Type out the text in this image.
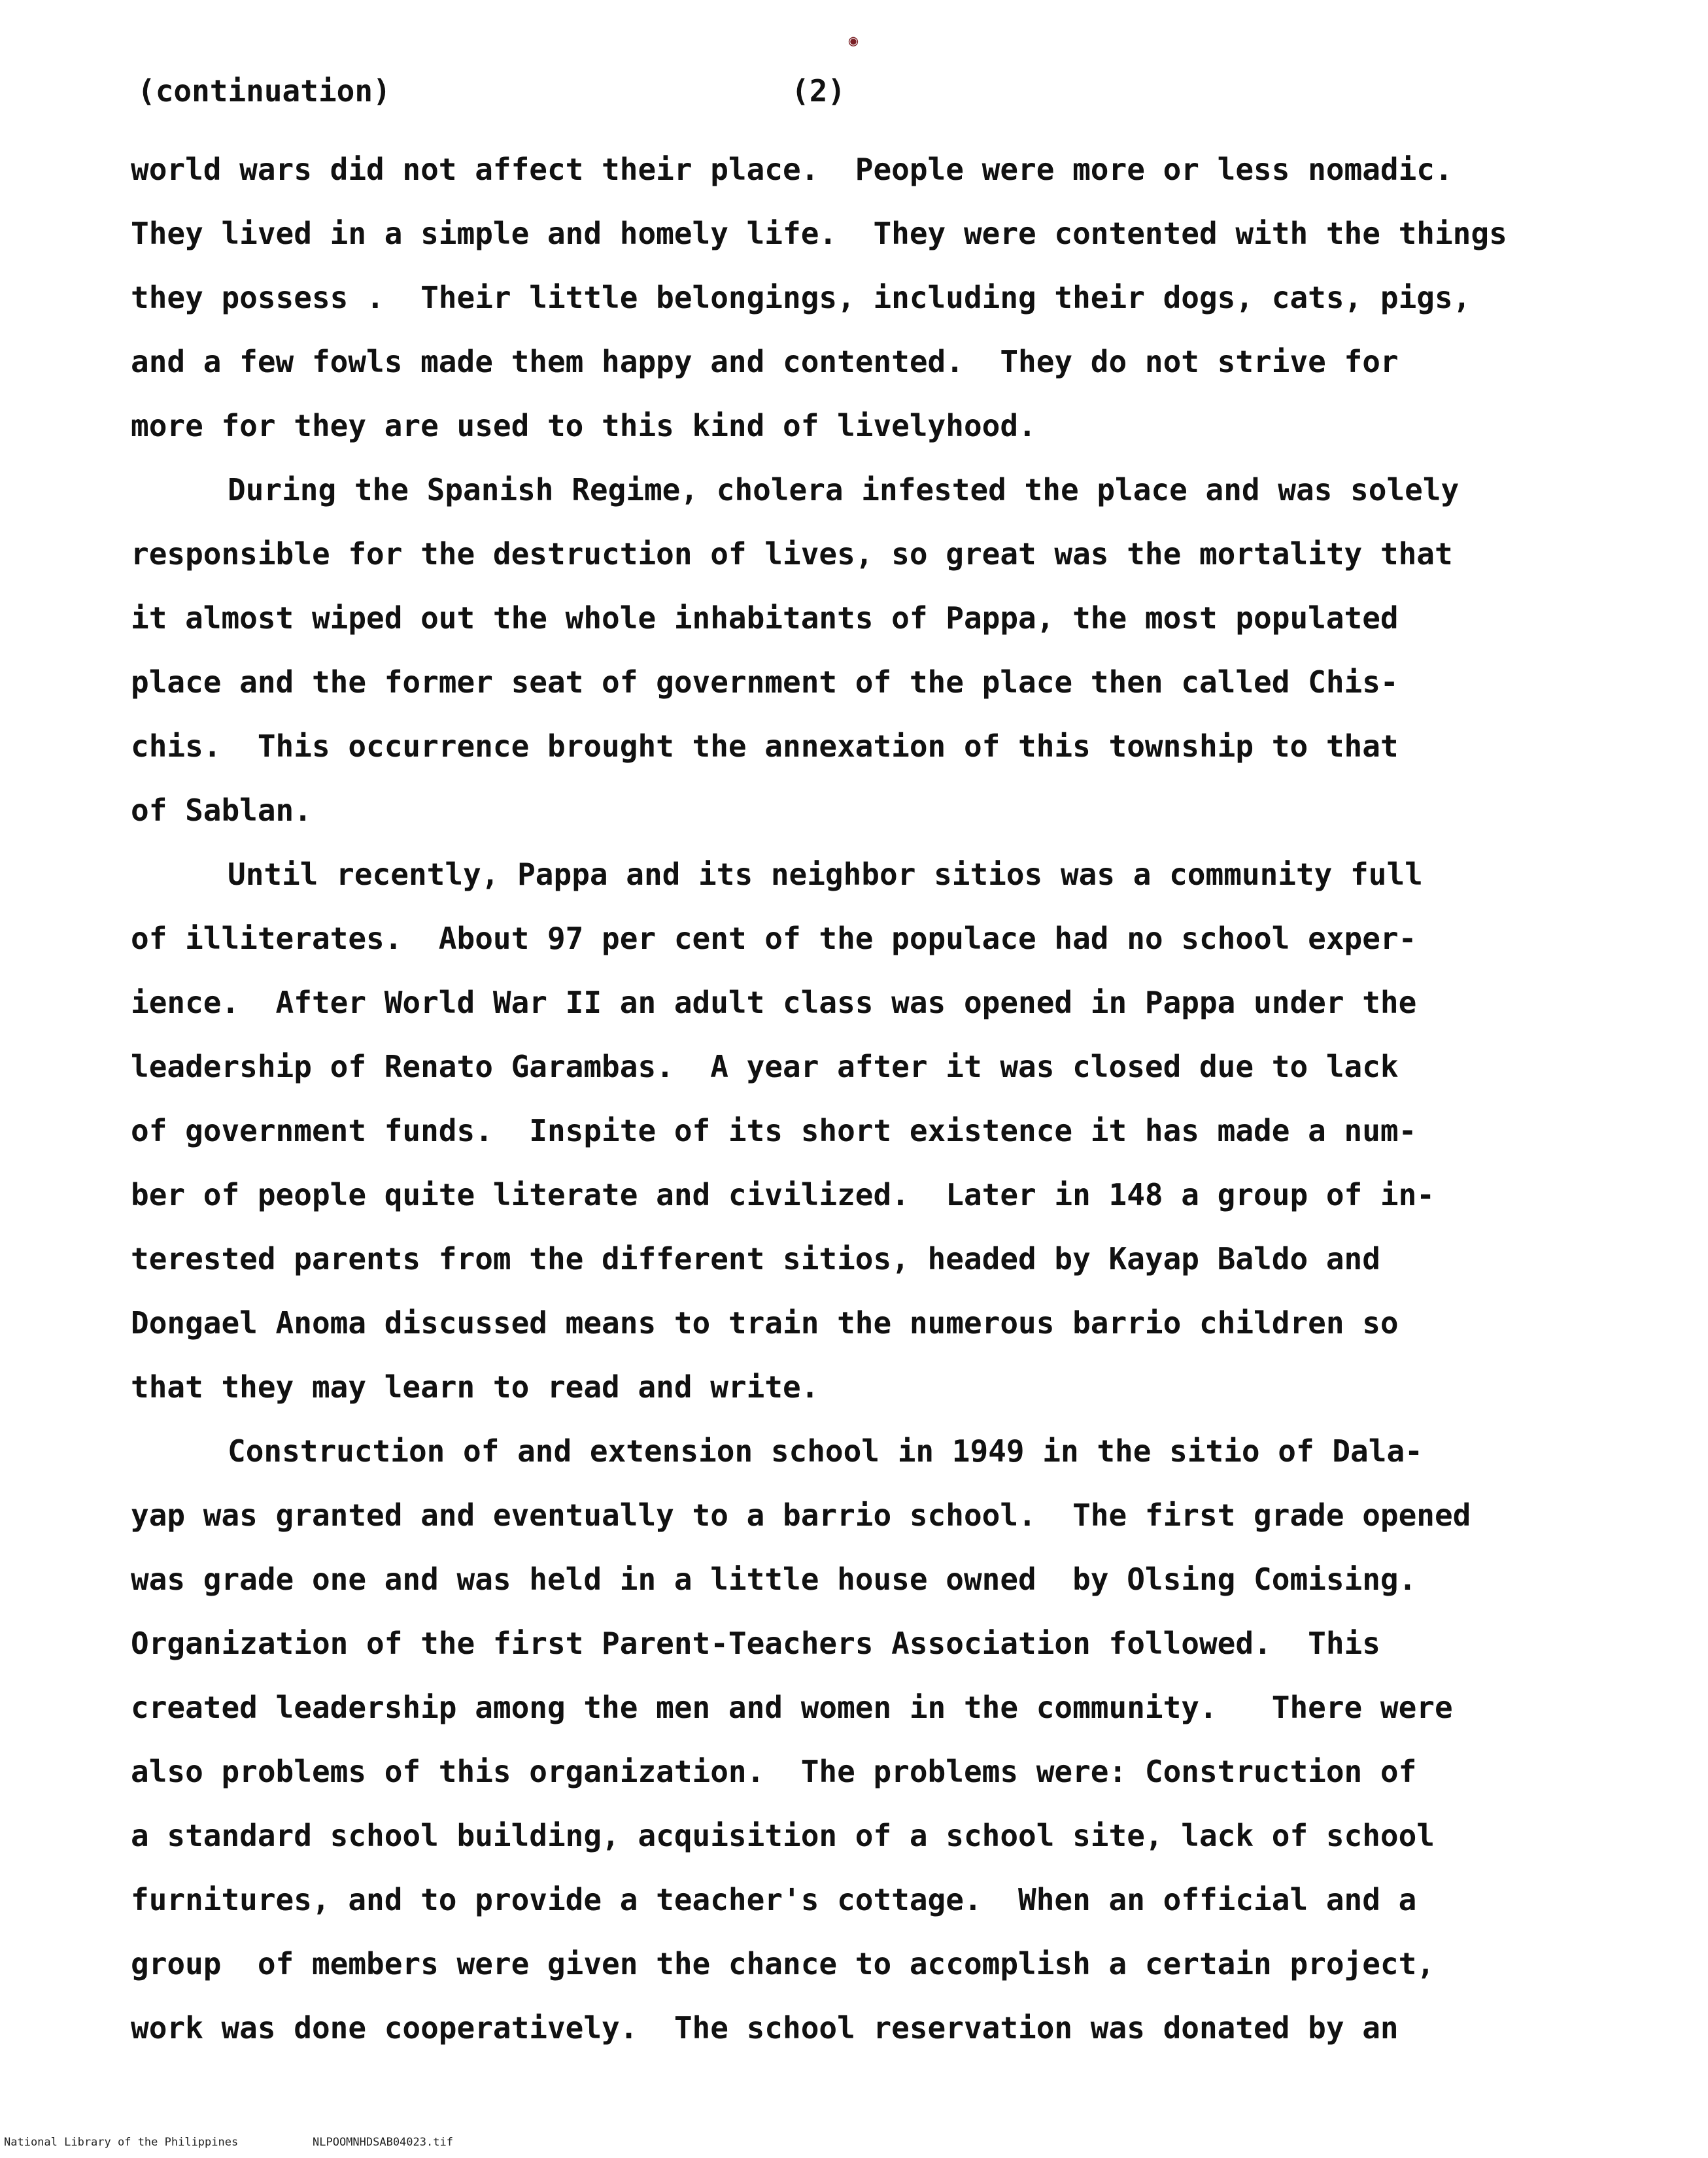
◉
(continuation)	(2)
world wars did not affect their place.  People were more or less nomadic.
They lived in a simple and homely life.  They were contented with the things
they possess .  Their little belongings, including their dogs, cats, pigs,
and a few fowls made them happy and contented.  They do not strive for
more for they are used to this kind of livelyhood.
During the Spanish Regime, cholera infested the place and was solely
responsible for the destruction of lives, so great was the mortality that
it almost wiped out the whole inhabitants of Pappa, the most populated
place and the former seat of government of the place then called Chis-
chis.  This occurrence brought the annexation of this township to that
of Sablan.
Until recently, Pappa and its neighbor sitios was a community full
of illiterates.  About 97 per cent of the populace had no school exper-
ience.  After World War II an adult class was opened in Pappa under the
leadership of Renato Garambas.  A year after it was closed due to lack
of government funds.  Inspite of its short existence it has made a num-
ber of people quite literate and civilized.  Later in 148 a group of in-
terested parents from the different sitios, headed by Kayap Baldo and
Dongael Anoma discussed means to train the numerous barrio children so
that they may learn to read and write.
Construction of and extension school in 1949 in the sitio of Dala-
yap was granted and eventually to a barrio school.  The first grade opened
was grade one and was held in a little house owned  by Olsing Comising.
Organization of the first Parent-Teachers Association followed.  This
created leadership among the men and women in the community.   There were
also problems of this organization.  The problems were: Construction of
a standard school building, acquisition of a school site, lack of school
furnitures, and to provide a teacher's cottage.  When an official and a
group  of members were given the chance to accomplish a certain project,
work was done cooperatively.  The school reservation was donated by an
National Library of the Philippines	NLPOOMNHDSAB04023.tif
